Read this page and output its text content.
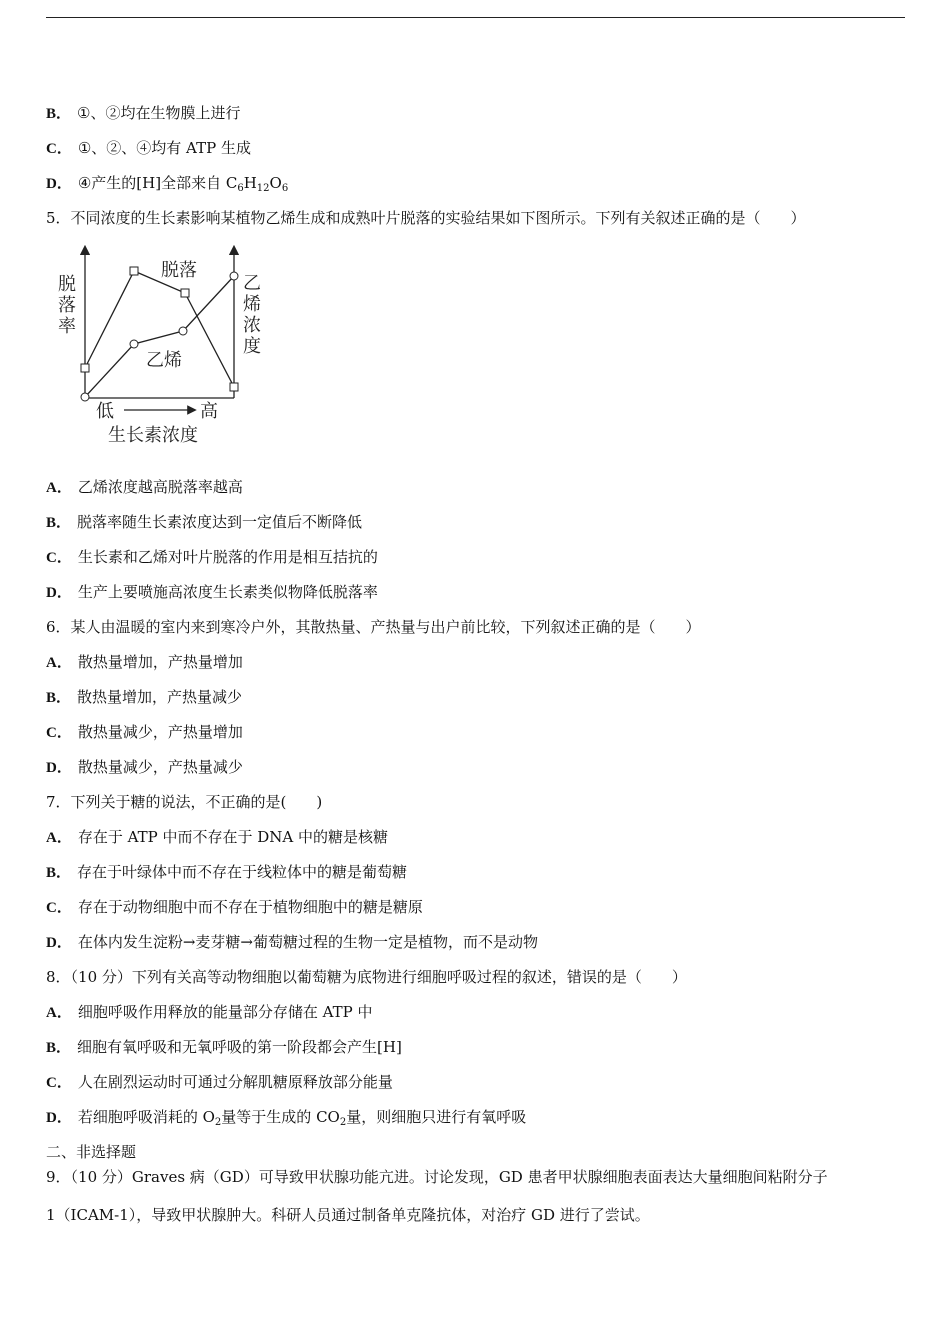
B． ①、②均在生物膜上进行
C． ①、②、④均有 ATP 生成
D． ④产生的[H]全部来自 $C_6H_{12}O_6$
5．不同浓度的生长素影响某植物乙烯生成和成熟叶片脱落的实验结果如下图所示。下列有关叙述正确的是（　　）
脱
落
率
乙
烯
浓
度
脱落
乙烯
低	高
生长素浓度
A． 乙烯浓度越高脱落率越高
B． 脱落率随生长素浓度达到一定值后不断降低
C． 生长素和乙烯对叶片脱落的作用是相互拮抗的
D． 生产上要喷施高浓度生长素类似物降低脱落率
6．某人由温暖的室内来到寒冷户外，其散热量、产热量与出户前比较，下列叙述正确的是（　　）
A． 散热量增加，产热量增加
B． 散热量增加，产热量减少
C． 散热量减少，产热量增加
D． 散热量减少，产热量减少
7．下列关于糖的说法，不正确的是(　　)
A． 存在于 ATP 中而不存在于 DNA 中的糖是核糖
B． 存在于叶绿体中而不存在于线粒体中的糖是葡萄糖
C． 存在于动物细胞中而不存在于植物细胞中的糖是糖原
D． 在体内发生淀粉→麦芽糖→葡萄糖过程的生物一定是植物，而不是动物
8．（10 分）下列有关高等动物细胞以葡萄糖为底物进行细胞呼吸过程的叙述，错误的是（　　）
A． 细胞呼吸作用释放的能量部分存储在 ATP 中
B． 细胞有氧呼吸和无氧呼吸的第一阶段都会产生[H]
C． 人在剧烈运动时可通过分解肌糖原释放部分能量
D． 若细胞呼吸消耗的 $O_2$量等于生成的 $CO_2$量，则细胞只进行有氧呼吸
二、非选择题
9．（10 分）Graves 病（GD）可导致甲状腺功能亢进。讨论发现，GD 患者甲状腺细胞表面表达大量细胞间粘附分子
1（ICAM-1），导致甲状腺肿大。科研人员通过制备单克隆抗体，对治疗 GD 进行了尝试。
